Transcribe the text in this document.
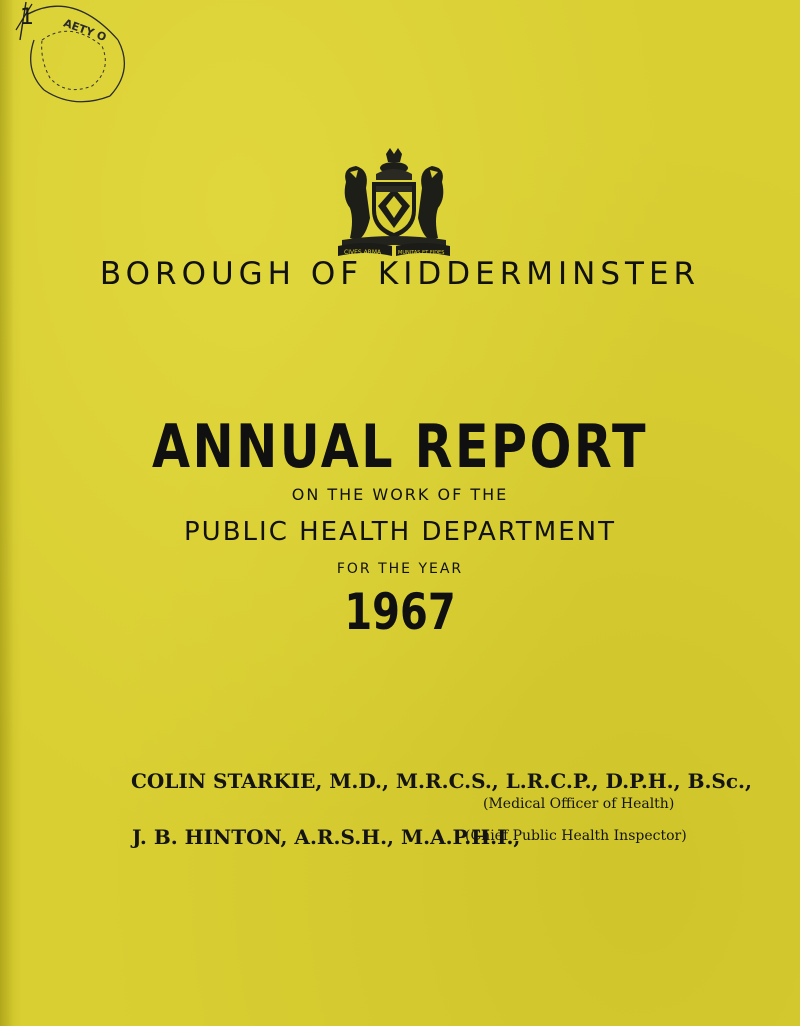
AETY O
1
CIVES ARMA	MUNITAS ET FIDES
BOROUGH OF KIDDERMINSTER
ANNUAL REPORT
ON THE WORK OF THE
PUBLIC HEALTH DEPARTMENT
FOR THE YEAR
1967
COLIN STARKIE, M.D., M.R.C.S., L.R.C.P., D.P.H., B.Sc.,
(Medical Officer of Health)
J. B. HINTON, A.R.S.H., M.A.P.H.I.,
(Chief Public Health Inspector)
